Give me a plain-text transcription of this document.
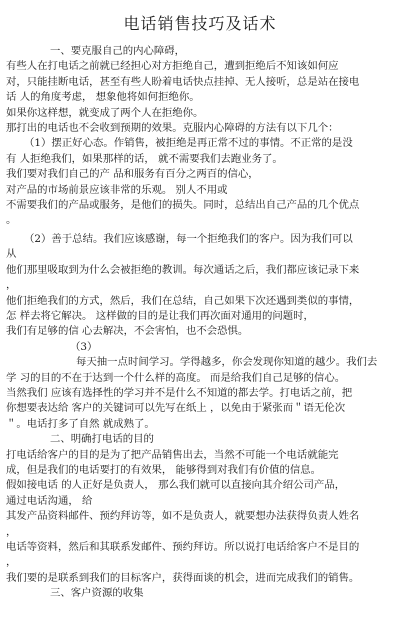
电话销售技巧及话术
一、要克服自己的内心障碍，
有些人在打电话之前就已经担心对方拒绝自己，遭到拒绝后不知该如何应
对，只能挂断电话，甚至有些人盼着电话快点挂掉、无人接听，总是站在接电
话 人的角度考虑， 想象他将如何拒绝你。
如果你这样想，就变成了两个人在拒绝你。
那打出的电话也不会收到预期的效果。克服内心障碍的方法有以下几个：
（1）摆正好心态。作销售，被拒绝是再正常不过的事情。不正常的是没
有 人拒绝我们，如果那样的话， 就不需要我们去跑业务了。
我们要对我们自己的产 品和服务有百分之两百的信心，
对产品的市场前景应该非常的乐观。 别人不用或
不需要我们的产品或服务，是他们的损失。同时，总结出自己产品的几个优点
。
（2）善于总结。我们应该感谢，每一个拒绝我们的客户。因为我们可以
从
他们那里吸取到为什么会被拒绝的教训。每次通话之后，我们都应该记录下来
，
他们拒绝我们的方式，然后，我们在总结，自己如果下次还遇到类似的事情，
怎 样去将它解决。 这样做的目的是让我们再次面对通用的问题时，
我们有足够的信 心去解决，不会害怕，也不会恐惧。
（3）
每天抽一点时间学习。学得越多，你会发现你知道的越少。我们去
学 习的目的不在于达到一个什么样的高度。 而是给我们自己足够的信心。
当然我们 应该有选择性的学习并不是什么不知道的都去学。打电话之前，把
你想要表达给 客户的关键词可以先写在纸上 ，以免由于紧张而＂语无伦次
＂。电话打多了自然 就成熟了。
二、明确打电话的目的
打电话给客户的目的是为了把产品销售出去，当然不可能一个电话就能完
成，但是我们的电话要打的有效果， 能够得到对我们有价值的信息。
假如接电话 的人正好是负责人， 那么我们就可以直接向其介绍公司产品，
通过电话沟通， 给
其发产品资料邮件、预约拜访等，如不是负责人，就要想办法获得负责人姓名
，
电话等资料，然后和其联系发邮件、预约拜访。所以说打电话给客户不是目的
，
我们要的是联系到我们的目标客户，获得面谈的机会，进而完成我们的销售。
三、客户资源的收集
